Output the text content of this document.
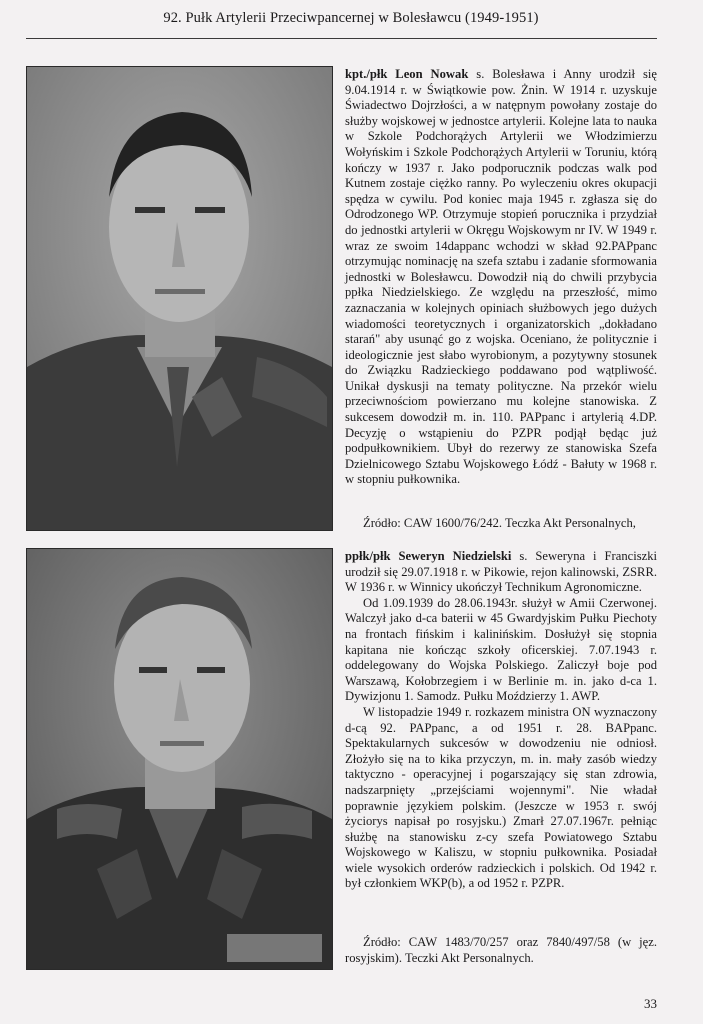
92. Pułk Artylerii Przeciwpancernej w Bolesławcu (1949-1951)

kpt./płk Leon Nowak s. Bolesława i Anny urodził się 9.04.1914 r. w Świątkowie pow. Żnin. W 1914 r. uzyskuje Świadectwo Dojrzłości, a w natępnym powołany zostaje do służby wojskowej w jednostce artylerii. Kolejne lata to nauka w Szkole Podchorążych Artylerii we Włodzimierzu Wołyńskim i Szkole Podchorążych Artylerii w Toruniu, którą kończy w 1937 r. Jako podporucznik podczas walk pod Kutnem zostaje ciężko ranny. Po wyleczeniu okres okupacji spędza w cywilu. Pod koniec maja 1945 r. zgłasza się do Odrodzonego WP. Otrzymuje stopień porucznika i przydział do jednostki artylerii w Okręgu Wojskowym nr IV. W 1949 r. wraz ze swoim 14dappanc wchodzi w skład 92.PAPpanc otrzymując nominację na szefa sztabu i zadanie sformowania jednostki w Bolesławcu. Dowodził nią do chwili przybycia ppłka Niedzielskiego. Ze względu na przeszłość, mimo zaznaczania w kolejnych opiniach służbowych jego dużych wiadomości teoretycznych i organizatorskich „dokładano starań" aby usunąć go z wojska. Oceniano, że politycznie i ideologicznie jest słabo wyrobionym, a pozytywny stosunek do Związku Radzieckiego poddawano pod wątpliwość. Unikał dyskusji na tematy polityczne. Na przekór wielu przeciwnościom powierzano mu kolejne stanowiska. Z sukcesem dowodził m. in. 110. PAPpanc i artylerią 4.DP. Decyzję o wstąpieniu do PZPR podjął będąc już podpułkownikiem. Ubył do rezerwy ze stanowiska Szefa Dzielnicowego Sztabu Wojskowego Łódź - Bałuty w 1968 r. w stopniu pułkownika.

Źródło: CAW 1600/76/242. Teczka Akt Personalnych,

ppłk/płk Seweryn Niedzielski s. Seweryna i Franciszki urodził się 29.07.1918 r. w Pikowie, rejon kalinowski, ZSRR. W 1936 r. w Winnicy ukończył Technikum Agronomiczne.

Od 1.09.1939 do 28.06.1943r. służył w Amii Czerwonej. Walczył jako d-ca baterii w 45 Gwardyjskim Pułku Piechoty na frontach fińskim i kalinińskim. Dosłużył się stopnia kapitana nie kończąc szkoły oficerskiej. 7.07.1943 r. oddelegowany do Wojska Polskiego. Zaliczył boje pod Warszawą, Kołobrzegiem i w Berlinie m. in. jako d-ca 1. Dywizjonu 1. Samodz. Pułku Moździerzy 1. AWP.

W listopadzie 1949 r. rozkazem ministra ON wyznaczony d-cą 92. PAPpanc, a od 1951 r. 28. BAPpanc. Spektakularnych sukcesów w dowodzeniu nie odniosł. Złożyło się na to kika przyczyn, m. in. mały zasób wiedzy taktyczno - operacyjnej i pogarszający się stan zdrowia, nadszarpnięty „przejściami wojennymi". Nie władał poprawnie językiem polskim. (Jeszcze w 1953 r. swój życiorys napisał po rosyjsku.) Zmarł 27.07.1967r. pełniąc służbę na stanowisku z-cy szefa Powiatowego Sztabu Wojskowego w Kaliszu, w stopniu pułkownika. Posiadał wiele wysokich orderów radzieckich i polskich. Od 1942 r. był członkiem WKP(b), a od 1952 r. PZPR.

Źródło: CAW 1483/70/257 oraz 7840/497/58 (w jęz. rosyjskim). Teczki Akt Personalnych.

33
